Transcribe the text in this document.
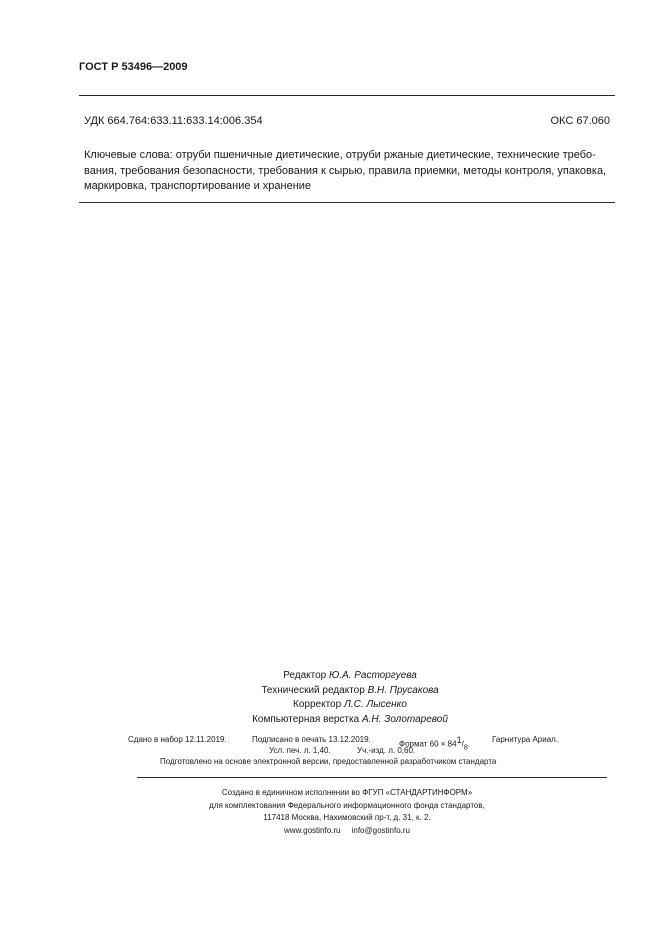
ГОСТ Р 53496—2009
УДК 664.764:633.11:633.14:006.354	ОКС 67.060
Ключевые слова: отруби пшеничные диетические, отруби ржаные диетические, технические требо-
вания, требования безопасности, требования к сырью, правила приемки, методы контроля, упаковка,
маркировка, транспортирование и хранение
Редактор Ю.А. Расторгуева
Технический редактор В.Н. Прусакова
Корректор Л.С. Лысенко
Компьютерная верстка А.Н. Золотаревой
Сдано в набор 12.11.2019.	Подписано в печать 13.12.2019.
Формат $60 \times 84^1/_8$.
Гарнитура Ариал.
Усл. печ. л. 1,40.	Уч.-изд. л. 0,60.
Подготовлено на основе электронной версии, предоставленной разработчиком стандарта
Создано в единичном исполнении во ФГУП «СТАНДАРТИНФОРМ»
для комплектования Федерального информационного фонда стандартов,
117418 Москва, Нахимовский пр-т, д. 31, к. 2.
www.gostinfo.ru info@gostinfo.ru
